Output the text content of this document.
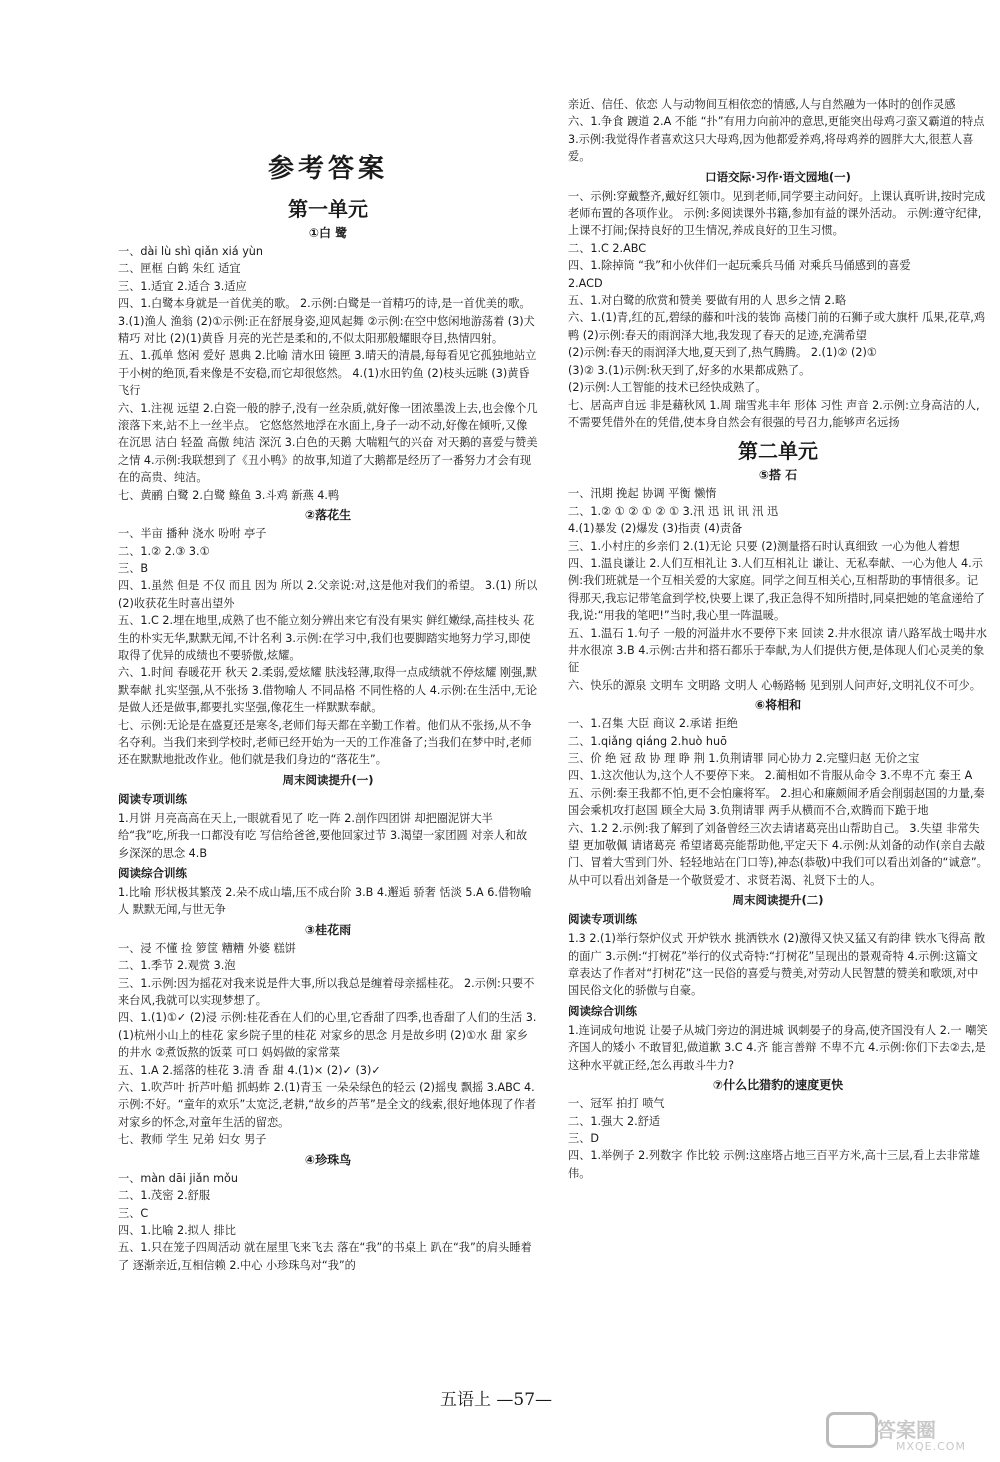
参考答案
第一单元
①白 鹭
一、dài lù shì qiǎn xiá yùn
二、匣框 白鹤 朱红 适宜
三、1.适宜 2.适合 3.适应
四、1.白鹭本身就是一首优美的歌。 2.示例:白鹭是一首精巧的诗,是一首优美的歌。 3.(1)渔人 渔翁 (2)①示例:正在舒展身姿,迎风起舞 ②示例:在空中悠闲地游荡着 (3)犬 精巧 对比 (2)(1)黄昏 月亮的光芒是柔和的,不似太阳那般耀眼夺目,热情四射。
五、1.孤单 悠闲 爱好 恩典 2.比喻 清水田 镜匣 3.晴天的清晨,每每看见它孤独地站立于小树的绝顶,看来像是不安稳,而它却很悠然。 4.(1)水田钓鱼 (2)枝头远眺 (3)黄昏飞行
六、1.注视 远望 2.白瓷一般的脖子,没有一丝杂质,就好像一团浓墨泼上去,也会像个几滚落下来,站不上一丝半点。 它悠悠然地浮在水面上,身子一动不动,好像在倾听,又像在沉思 洁白 轻盈 高傲 纯洁 深沉 3.白色的天鹅 大喘粗气的兴奋 对天鹅的喜爱与赞美之情 4.示例:我联想到了《丑小鸭》的故事,知道了大鹅都是经历了一番努力才会有现在的高贵、纯洁。
七、黄鹂 白鹭 2.白鹭 鲦鱼 3.斗鸡 新燕 4.鸭
②落花生
一、半亩 播种 浇水 吩咐 亭子
二、1.② 2.③ 3.①
三、B
四、1.虽然 但是 不仅 而且 因为 所以 2.父亲说:对,这是他对我们的希望。 3.(1) 所以
(2)收获花生时喜出望外
五、1.C 2.埋在地里,成熟了也不能立刻分辨出来它有没有果实 鲜红嫩绿,高挂枝头 花生的朴实无华,默默无闻,不计名利 3.示例:在学习中,我们也要脚踏实地努力学习,即使取得了优异的成绩也不要骄傲,炫耀。
六、1.时间 春暖花开 秋天 2.柔弱,爱炫耀 肤浅轻薄,取得一点成绩就不停炫耀 刚强,默默奉献 扎实坚强,从不张扬 3.借物喻人 不同品格 不同性格的人 4.示例:在生活中,无论是做人还是做事,都要扎实坚强,像花生一样默默奉献。
七、示例:无论是在盛夏还是寒冬,老师们每天都在辛勤工作着。他们从不张扬,从不争名夺利。当我们来到学校时,老师已经开始为一天的工作准备了;当我们在梦中时,老师还在默默地批改作业。他们就是我们身边的“落花生”。
周末阅读提升(一)
阅读专项训练
1.月饼 月亮高高在天上,一眼就看见了 吃一阵 2.剖作四团饼 却把圈泥饼大半给“我”吃,所我一口都没有吃 写信给爸爸,要他回家过节 3.渴望一家团圆 对亲人和故乡深深的思念 4.B
阅读综合训练
1.比喻 形状极其繁茂 2.朵不成山墙,压不成台阶 3.B 4.邂逅 骄奢 恬淡 5.A 6.借物喻人 默默无闻,与世无争
③桂花雨
一、浸 不懂 捡 箩筐 糟糟 外婆 糕饼
二、1.季节 2.观赏 3.泡
三、1.示例:因为摇花对我来说是件大事,所以我总是缠着母亲摇桂花。 2.示例:只要不来台风,我就可以实现梦想了。
四、1.(1)①✓ (2)浸 示例:桂花香在人们的心里,它香甜了四季,也香甜了人们的生活 3.(1)杭州小山上的桂花 家乡院子里的桂花 对家乡的思念 月是故乡明 (2)①水 甜 家乡的井水 ②煮饭熬的饭菜 可口 妈妈做的家常菜
五、1.A 2.摇落的桂花 3.清 香 甜 4.(1)× (2)✓ (3)✓
六、1.吹芦叶 折芦叶船 抓蚂蚱 2.(1)青玉 一朵朵绿色的轻云 (2)摇曳 飘摇 3.ABC 4.示例:不好。“童年的欢乐”太宽泛,老耕,“故乡的芦苇”是全文的线索,很好地体现了作者对家乡的怀念,对童年生活的留恋。
七、教师 学生 兄弟 妇女 男子
④珍珠鸟
一、màn dāi jiǎn mǒu
二、1.茂密 2.舒服
三、C
四、1.比喻 2.拟人 排比
五、1.只在笼子四周活动 就在屋里飞来飞去 落在“我”的书桌上 趴在“我”的肩头睡着了 逐渐亲近,互相信赖 2.中心 小珍珠鸟对“我”的
亲近、信任、依恋 人与动物间互相依恋的情感,人与自然融为一体时的创作灵感
六、1.争食 踱道 2.A 不能 “扑”有用力向前冲的意思,更能突出母鸡刁蛮又霸道的特点 3.示例:我觉得作者喜欢这只大母鸡,因为他都爱养鸡,将母鸡养的圆胖大大,很惹人喜爱。
口语交际·习作·语文园地(一)
一、示例:穿戴整齐,戴好红领巾。见到老师,同学要主动问好。上课认真听讲,按时完成老师布置的各项作业。 示例:多阅读课外书籍,参加有益的课外活动。 示例:遵守纪律,上课不打闹;保持良好的卫生情况,养成良好的卫生习惯。
二、1.C 2.ABC
四、1.除掉筒 “我”和小伙伴们一起玩乘兵马俑 对乘兵马俑感到的喜爱
2.ACD
五、1.对白鹭的欣赏和赞美 要做有用的人 思乡之情 2.略
六、1.(1)青,红的瓦,碧绿的藤和叶浅的装饰 高楼门前的石狮子或大旗杆 瓜果,花草,鸡鸭 (2)示例:春天的雨润泽大地,我发现了春天的足迹,充满希望
(2)示例:春天的雨润泽大地,夏天到了,热气腾腾。 2.(1)② (2)①
(3)② 3.(1)示例:秋天到了,好多的水果都成熟了。
(2)示例:人工智能的技术已经快成熟了。
七、居高声自远 非是藉秋风 1.周 瑞雪兆丰年 形体 习性 声音 2.示例:立身高洁的人,不需要凭借外在的凭借,使本身自然会有很强的号召力,能够声名远扬
第二单元
⑤搭 石
一、汛期 挽起 协调 平衡 懒惰
二、1.② ① ② ① ② ① 3.汛 迅 讯 讯 汛 迅
4.(1)暴发 (2)爆发 (3)指责 (4)责备
三、1.小村庄的乡亲们 2.(1)无论 只要 (2)测量搭石时认真细致 一心为他人着想
四、1.温良谦让 2.人们互相礼让 3.人们互相礼让 谦让、无私奉献、一心为他人 4.示例:我们班就是一个互相关爱的大家庭。同学之间互相关心,互相帮助的事情很多。记得那天,我忘记带笔盒到学校,快要上课了,我正急得不知所措时,同桌把她的笔盒递给了我,说:“用我的笔吧!”当时,我心里一阵温暖。
五、1.温石 1.句子 一般的河溢井水不要停下来 回读 2.井水很凉 请八路军战士喝井水 井水很凉 3.B 4.示例:古井和搭石都乐于奉献,为人们提供方便,是体现人们心灵美的象征
六、快乐的源泉 文明车 文明路 文明人 心畅路畅 见到别人问声好,文明礼仪不可少。
⑥将相和
一、1.召集 大臣 商议 2.承诺 拒绝
二、1.qiǎng qiáng 2.huò huō
三、价 绝 冠 敌 协 理 睁 荆 1.负荆请罪 同心协力 2.完璧归赵 无价之宝
四、1.这次他认为,这个人不要停下来。 2.蔺相如不肯服从命令 3.不卑不亢 秦王 A
五、示例:秦王我都不怕,更不会怕廉将军。 2.担心和廉颇闹矛盾会削弱赵国的力量,秦国会乘机攻打赵国 顾全大局 3.负荆请罪 两手从横而不合,欢腾而下跪于地
六、1.2 2.示例:我了解到了刘备曾经三次去请诸葛亮出山帮助自己。 3.失望 非常失望 更加敬佩 请诸葛亮 希望诸葛亮能帮助他,平定天下 4.示例:从刘备的动作(亲自去敲门、冒着大雪到门外、轻轻地站在门口等),神态(恭敬)中我们可以看出刘备的“诚意”。从中可以看出刘备是一个敬贤爱才、求贤若渴、礼贤下士的人。
周末阅读提升(二)
阅读专项训练
1.3 2.(1)举行祭炉仪式 开炉铁水 挑洒铁水 (2)激得又快又猛又有韵律 铁水飞得高 散的面广 3.示例:“打树花”举行的仪式奇特:“打树花”呈现出的景观奇特 4.示例:这篇文章表达了作者对“打树花”这一民俗的喜爱与赞美,对劳动人民智慧的赞美和歌颂,对中国民俗文化的骄傲与自豪。
阅读综合训练
1.连词成句地说 让晏子从城门旁边的洞进城 讽刺晏子的身高,使齐国没有人 2.一 嘲笑齐国人的矮小 不敢冒犯,做道歉 3.C 4.齐 能言善辩 不卑不亢 4.示例:你们下去②去,是这种水平就正经,怎么再敢斗牛力?
⑦什么比猎豹的速度更快
一、冠军 拍打 喷气
二、1.强大 2.舒适
三、D
四、1.举例子 2.列数字 作比较 示例:这座塔占地三百平方米,高十三层,看上去非常雄伟。
五语上 —57—
答案圈
MXQE.COM
